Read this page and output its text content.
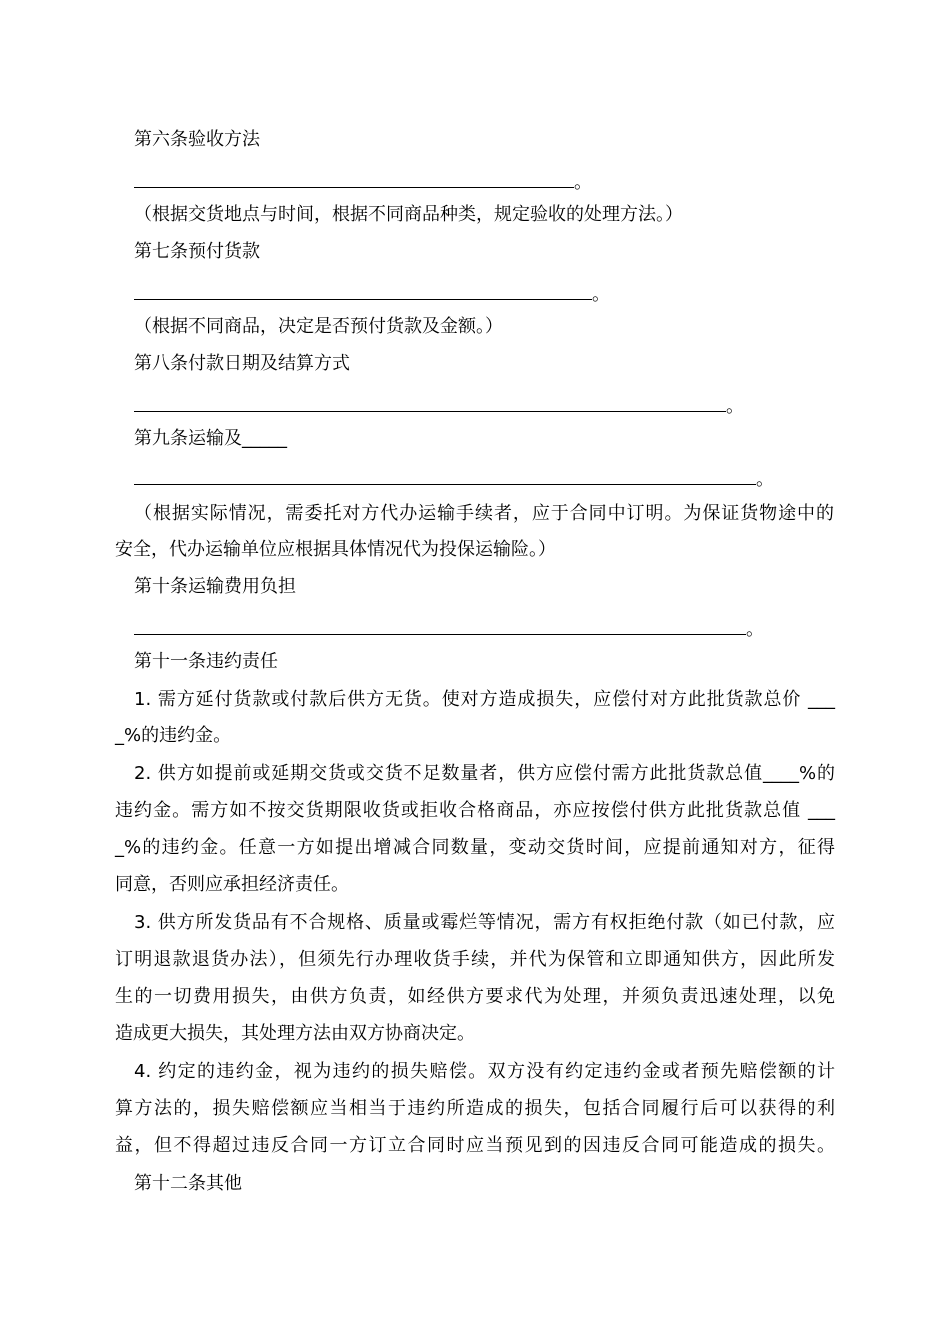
第六条验收方法
。
（根据交货地点与时间，根据不同商品种类，规定验收的处理方法。）
第七条预付货款
。
（根据不同商品，决定是否预付货款及金额。）
第八条付款日期及结算方式
。
第九条运输及_____
。
（根据实际情况，需委托对方代办运输手续者，应于合同中订明。为保证货物途中的
安全，代办运输单位应根据具体情况代为投保运输险。）
第十条运输费用负担
。
第十一条违约责任
1. 需方延付货款或付款后供方无货。使对方造成损失，应偿付对方此批货款总价 ___
_%的违约金。
2. 供方如提前或延期交货或交货不足数量者，供方应偿付需方此批货款总值____%的
违约金。需方如不按交货期限收货或拒收合格商品，亦应按偿付供方此批货款总值 ___
_%的违约金。任意一方如提出增减合同数量，变动交货时间，应提前通知对方，征得
同意，否则应承担经济责任。
3. 供方所发货品有不合规格、质量或霉烂等情况，需方有权拒绝付款（如已付款，应
订明退款退货办法），但须先行办理收货手续，并代为保管和立即通知供方，因此所发
生的一切费用损失，由供方负责，如经供方要求代为处理，并须负责迅速处理，以免
造成更大损失，其处理方法由双方协商决定。
4. 约定的违约金，视为违约的损失赔偿。双方没有约定违约金或者预先赔偿额的计
算方法的，损失赔偿额应当相当于违约所造成的损失，包括合同履行后可以获得的利
益，但不得超过违反合同一方订立合同时应当预见到的因违反合同可能造成的损失。
第十二条其他
